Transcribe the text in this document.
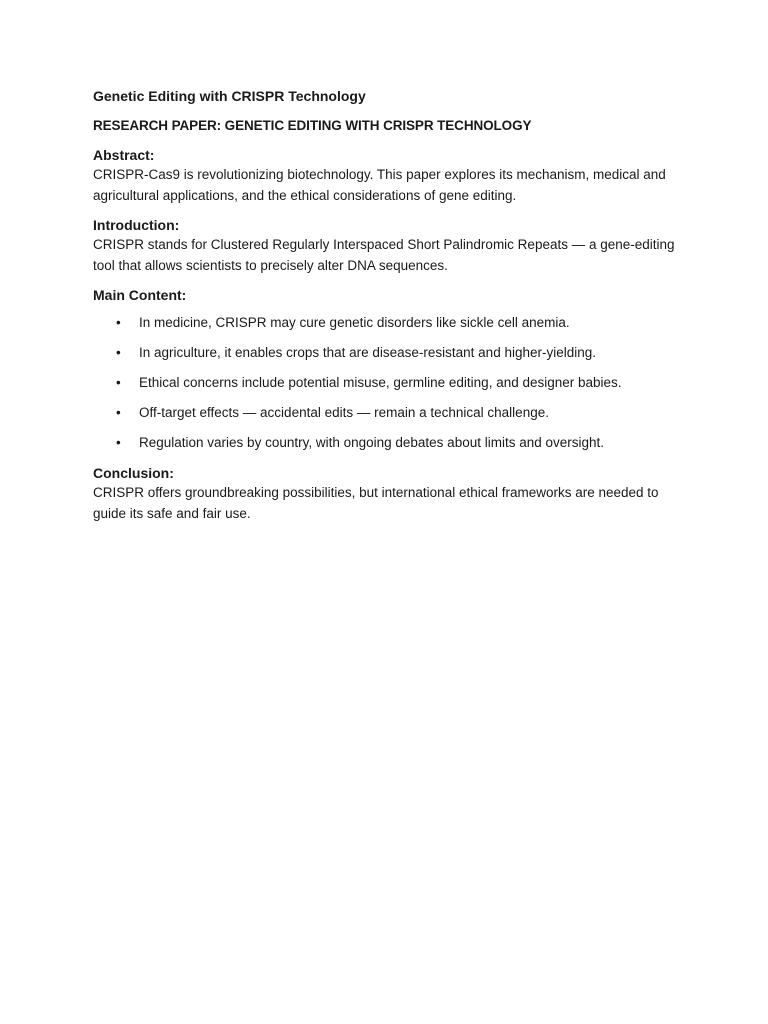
Genetic Editing with CRISPR Technology
RESEARCH PAPER: GENETIC EDITING WITH CRISPR TECHNOLOGY
Abstract:
CRISPR-Cas9 is revolutionizing biotechnology. This paper explores its mechanism, medical and agricultural applications, and the ethical considerations of gene editing.
Introduction:
CRISPR stands for Clustered Regularly Interspaced Short Palindromic Repeats — a gene-editing tool that allows scientists to precisely alter DNA sequences.
Main Content:
• In medicine, CRISPR may cure genetic disorders like sickle cell anemia.
• In agriculture, it enables crops that are disease-resistant and higher-yielding.
• Ethical concerns include potential misuse, germline editing, and designer babies.
• Off-target effects — accidental edits — remain a technical challenge.
• Regulation varies by country, with ongoing debates about limits and oversight.
Conclusion:
CRISPR offers groundbreaking possibilities, but international ethical frameworks are needed to guide its safe and fair use.
